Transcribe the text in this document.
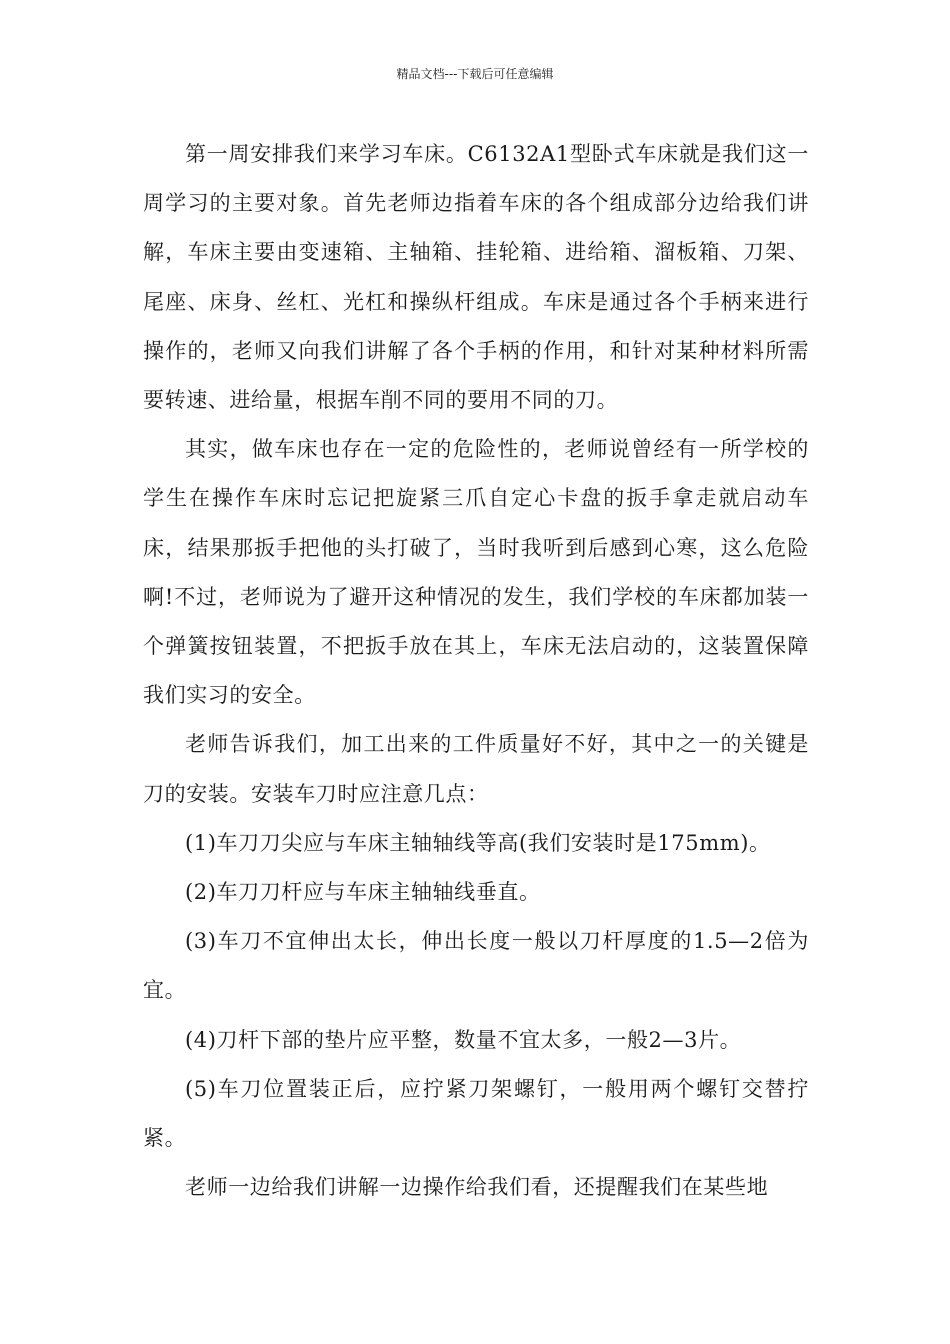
精品文档---下载后可任意编辑

第一周安排我们来学习车床。C6132A1型卧式车床就是我们这一周学习的主要对象。首先老师边指着车床的各个组成部分边给我们讲解，车床主要由变速箱、主轴箱、挂轮箱、进给箱、溜板箱、刀架、尾座、床身、丝杠、光杠和操纵杆组成。车床是通过各个手柄来进行操作的，老师又向我们讲解了各个手柄的作用，和针对某种材料所需要转速、进给量，根据车削不同的要用不同的刀。

其实，做车床也存在一定的危险性的，老师说曾经有一所学校的学生在操作车床时忘记把旋紧三爪自定心卡盘的扳手拿走就启动车床，结果那扳手把他的头打破了，当时我听到后感到心寒，这么危险啊!不过，老师说为了避开这种情况的发生，我们学校的车床都加装一个弹簧按钮装置，不把扳手放在其上，车床无法启动的，这装置保障我们实习的安全。

老师告诉我们，加工出来的工件质量好不好，其中之一的关键是刀的安装。安装车刀时应注意几点：

(1)车刀刀尖应与车床主轴轴线等高(我们安装时是175mm)。

(2)车刀刀杆应与车床主轴轴线垂直。

(3)车刀不宜伸出太长，伸出长度一般以刀杆厚度的1.5—2倍为宜。

(4)刀杆下部的垫片应平整，数量不宜太多，一般2—3片。

(5)车刀位置装正后，应拧紧刀架螺钉，一般用两个螺钉交替拧紧。

老师一边给我们讲解一边操作给我们看，还提醒我们在某些地
